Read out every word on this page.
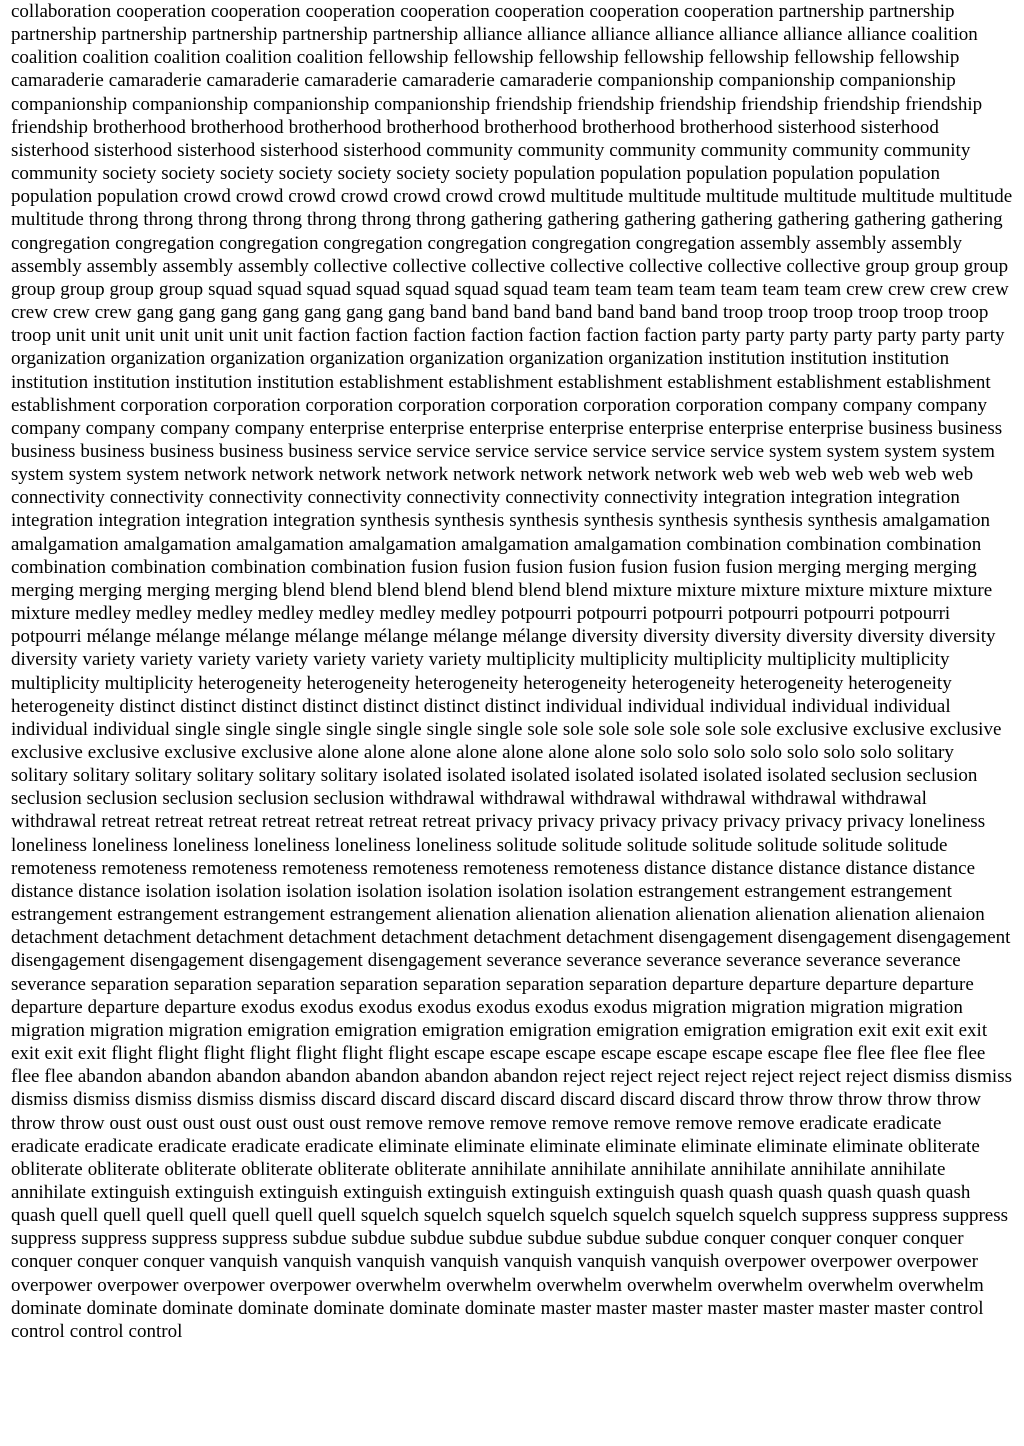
collaboration cooperation cooperation cooperation cooperation cooperation cooperation cooperation partnership partnership partnership partnership partnership partnership partnership alliance alliance alliance alliance alliance alliance alliance coalition coalition coalition coalition coalition coalition fellowship fellowship fellowship fellowship fellowship fellowship fellowship camaraderie camaraderie camaraderie camaraderie camaraderie camaraderie companionship companionship companionship companionship companionship companionship companionship friendship friendship friendship friendship friendship friendship friendship brotherhood brotherhood brotherhood brotherhood brotherhood brotherhood brotherhood sisterhood sisterhood sisterhood sisterhood sisterhood sisterhood sisterhood community community community community community community community society society society society society society society population population population population population population population crowd crowd crowd crowd crowd crowd crowd multitude multitude multitude multitude multitude multitude multitude throng throng throng throng throng throng throng gathering gathering gathering gathering gathering gathering gathering congregation congregation congregation congregation congregation congregation congregation assembly assembly assembly assembly assembly assembly assembly collective collective collective collective collective collective collective group group group group group group group squad squad squad squad squad squad squad team team team team team team team crew crew crew crew crew crew crew gang gang gang gang gang gang gang band band band band band band band troop troop troop troop troop troop troop unit unit unit unit unit unit unit faction faction faction faction faction faction faction party party party party party party party organization organization organization organization organization organization organization institution institution institution institution institution institution institution establishment establishment establishment establishment establishment establishment establishment corporation corporation corporation corporation corporation corporation corporation company company company company company company company enterprise enterprise enterprise enterprise enterprise enterprise enterprise business business business business business business business service service service service service service service system system system system system system system network network network network network network network network web web web web web web web connectivity connectivity connectivity connectivity connectivity connectivity connectivity integration integration integration integration integration integration integration synthesis synthesis synthesis synthesis synthesis synthesis synthesis amalgamation amalgamation amalgamation amalgamation amalgamation amalgamation amalgamation combination combination combination combination combination combination combination fusion fusion fusion fusion fusion fusion fusion merging merging merging merging merging merging merging blend blend blend blend blend blend blend mixture mixture mixture mixture mixture mixture mixture medley medley medley medley medley medley medley potpourri potpourri potpourri potpourri potpourri potpourri potpourri mélange mélange mélange mélange mélange mélange mélange diversity diversity diversity diversity diversity diversity diversity variety variety variety variety variety variety variety multiplicity multiplicity multiplicity multiplicity multiplicity multiplicity multiplicity heterogeneity heterogeneity heterogeneity heterogeneity heterogeneity heterogeneity heterogeneity heterogeneity distinct distinct distinct distinct distinct distinct distinct individual individual individual individual individual individual individual single single single single single single single sole sole sole sole sole sole sole exclusive exclusive exclusive exclusive exclusive exclusive exclusive alone alone alone alone alone alone alone solo solo solo solo solo solo solo solitary solitary solitary solitary solitary solitary solitary isolated isolated isolated isolated isolated isolated isolated seclusion seclusion seclusion seclusion seclusion seclusion seclusion withdrawal withdrawal withdrawal withdrawal withdrawal withdrawal withdrawal retreat retreat retreat retreat retreat retreat retreat privacy privacy privacy privacy privacy privacy privacy loneliness loneliness loneliness loneliness loneliness loneliness loneliness solitude solitude solitude solitude solitude solitude solitude remoteness remoteness remoteness remoteness remoteness remoteness remoteness distance distance distance distance distance distance distance isolation isolation isolation isolation isolation isolation isolation estrangement estrangement estrangement estrangement estrangement estrangement estrangement alienation alienation alienation alienation alienation alienation alienaion detachment detachment detachment detachment detachment detachment detachment disengagement disengagement disengagement disengagement disengagement disengagement disengagement severance severance severance severance severance severance severance separation separation separation separation separation separation separation departure departure departure departure departure departure departure exodus exodus exodus exodus exodus exodus exodus migration migration migration migration migration migration migration emigration emigration emigration emigration emigration emigration emigration exit exit exit exit exit exit exit flight flight flight flight flight flight flight escape escape escape escape escape escape escape flee flee flee flee flee flee flee abandon abandon abandon abandon abandon abandon abandon reject reject reject reject reject reject reject dismiss dismiss dismiss dismiss dismiss dismiss dismiss discard discard discard discard discard discard discard throw throw throw throw throw throw throw oust oust oust oust oust oust oust remove remove remove remove remove remove remove eradicate eradicate eradicate eradicate eradicate eradicate eradicate eliminate eliminate eliminate eliminate eliminate eliminate eliminate obliterate obliterate obliterate obliterate obliterate obliterate obliterate annihilate annihilate annihilate annihilate annihilate annihilate annihilate extinguish extinguish extinguish extinguish extinguish extinguish extinguish quash quash quash quash quash quash quash quell quell quell quell quell quell quell squelch squelch squelch squelch squelch squelch squelch suppress suppress suppress suppress suppress suppress suppress subdue subdue subdue subdue subdue subdue subdue conquer conquer conquer conquer conquer conquer conquer vanquish vanquish vanquish vanquish vanquish vanquish vanquish overpower overpower overpower overpower overpower overpower overpower overwhelm overwhelm overwhelm overwhelm overwhelm overwhelm overwhelm dominate dominate dominate dominate dominate dominate dominate master master master master master master master control control control control
